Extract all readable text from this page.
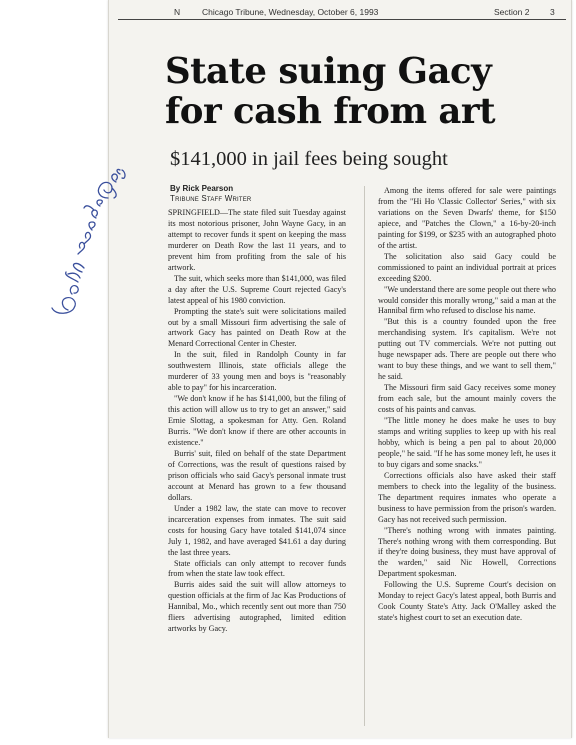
N	Chicago Tribune, Wednesday, October 6, 1993	Section 2 3
State suing Gacy
for cash from art
$141,000 in jail fees being sought
By Rick Pearson
Tribune Staff Writer

SPRINGFIELD—The state filed suit Tuesday against its most notorious prisoner, John Wayne Gacy, in an attempt to recover funds it spent on keeping the mass murderer on Death Row the last 11 years, and to prevent him from profiting from the sale of his artwork.

The suit, which seeks more than $141,000, was filed a day after the U.S. Supreme Court rejected Gacy's latest appeal of his 1980 conviction.

Prompting the state's suit were solicitations mailed out by a small Missouri firm advertising the sale of artwork Gacy has painted on Death Row at the Menard Correctional Center in Chester.

In the suit, filed in Randolph County in far southwestern Illinois, state officials allege the murderer of 33 young men and boys is "reasonably able to pay" for his incarceration.

"We don't know if he has $141,000, but the filing of this action will allow us to try to get an answer," said Ernie Slottag, a spokesman for Atty. Gen. Roland Burris. "We don't know if there are other accounts in existence."

Burris' suit, filed on behalf of the state Department of Corrections, was the result of questions raised by prison officials who said Gacy's personal inmate trust account at Menard has grown to a few thousand dollars.

Under a 1982 law, the state can move to recover incarceration expenses from inmates. The suit said costs for housing Gacy have totaled $141,074 since July 1, 1982, and have averaged $41.61 a day during the last three years.

State officials can only attempt to recover funds from when the state law took effect.

Burris aides said the suit will allow attorneys to question officials at the firm of Jac Kas Productions of Hannibal, Mo., which recently sent out more than 750 fliers advertising autographed, limited edition artworks by Gacy.

Among the items offered for sale were paintings from the "Hi Ho 'Classic Collector' Series," with six variations on the Seven Dwarfs' theme, for $150 apiece, and "Patches the Clown," a 16-by-20-inch painting for $199, or $235 with an autographed photo of the artist.

The solicitation also said Gacy could be commissioned to paint an individual portrait at prices exceeding $200.

"We understand there are some people out there who would consider this morally wrong," said a man at the Hannibal firm who refused to disclose his name.

"But this is a country founded upon the free merchandising system. It's capitalism. We're not putting out TV commercials. We're not putting out huge newspaper ads. There are people out there who want to buy these things, and we want to sell them," he said.

The Missouri firm said Gacy receives some money from each sale, but the amount mainly covers the costs of his paints and canvas.

"The little money he does make he uses to buy stamps and writing supplies to keep up with his real hobby, which is being a pen pal to about 20,000 people," he said. "If he has some money left, he uses it to buy cigars and some snacks."

Corrections officials also have asked their staff members to check into the legality of the business. The department requires inmates who operate a business to have permission from the prison's warden. Gacy has not received such permission.

"There's nothing wrong with inmates painting. There's nothing wrong with them corresponding. But if they're doing business, they must have approval of the warden," said Nic Howell, Corrections Department spokesman.

Following the U.S. Supreme Court's decision on Monday to reject Gacy's latest appeal, both Burris and Cook County State's Atty. Jack O'Malley asked the state's highest court to set an execution date.
